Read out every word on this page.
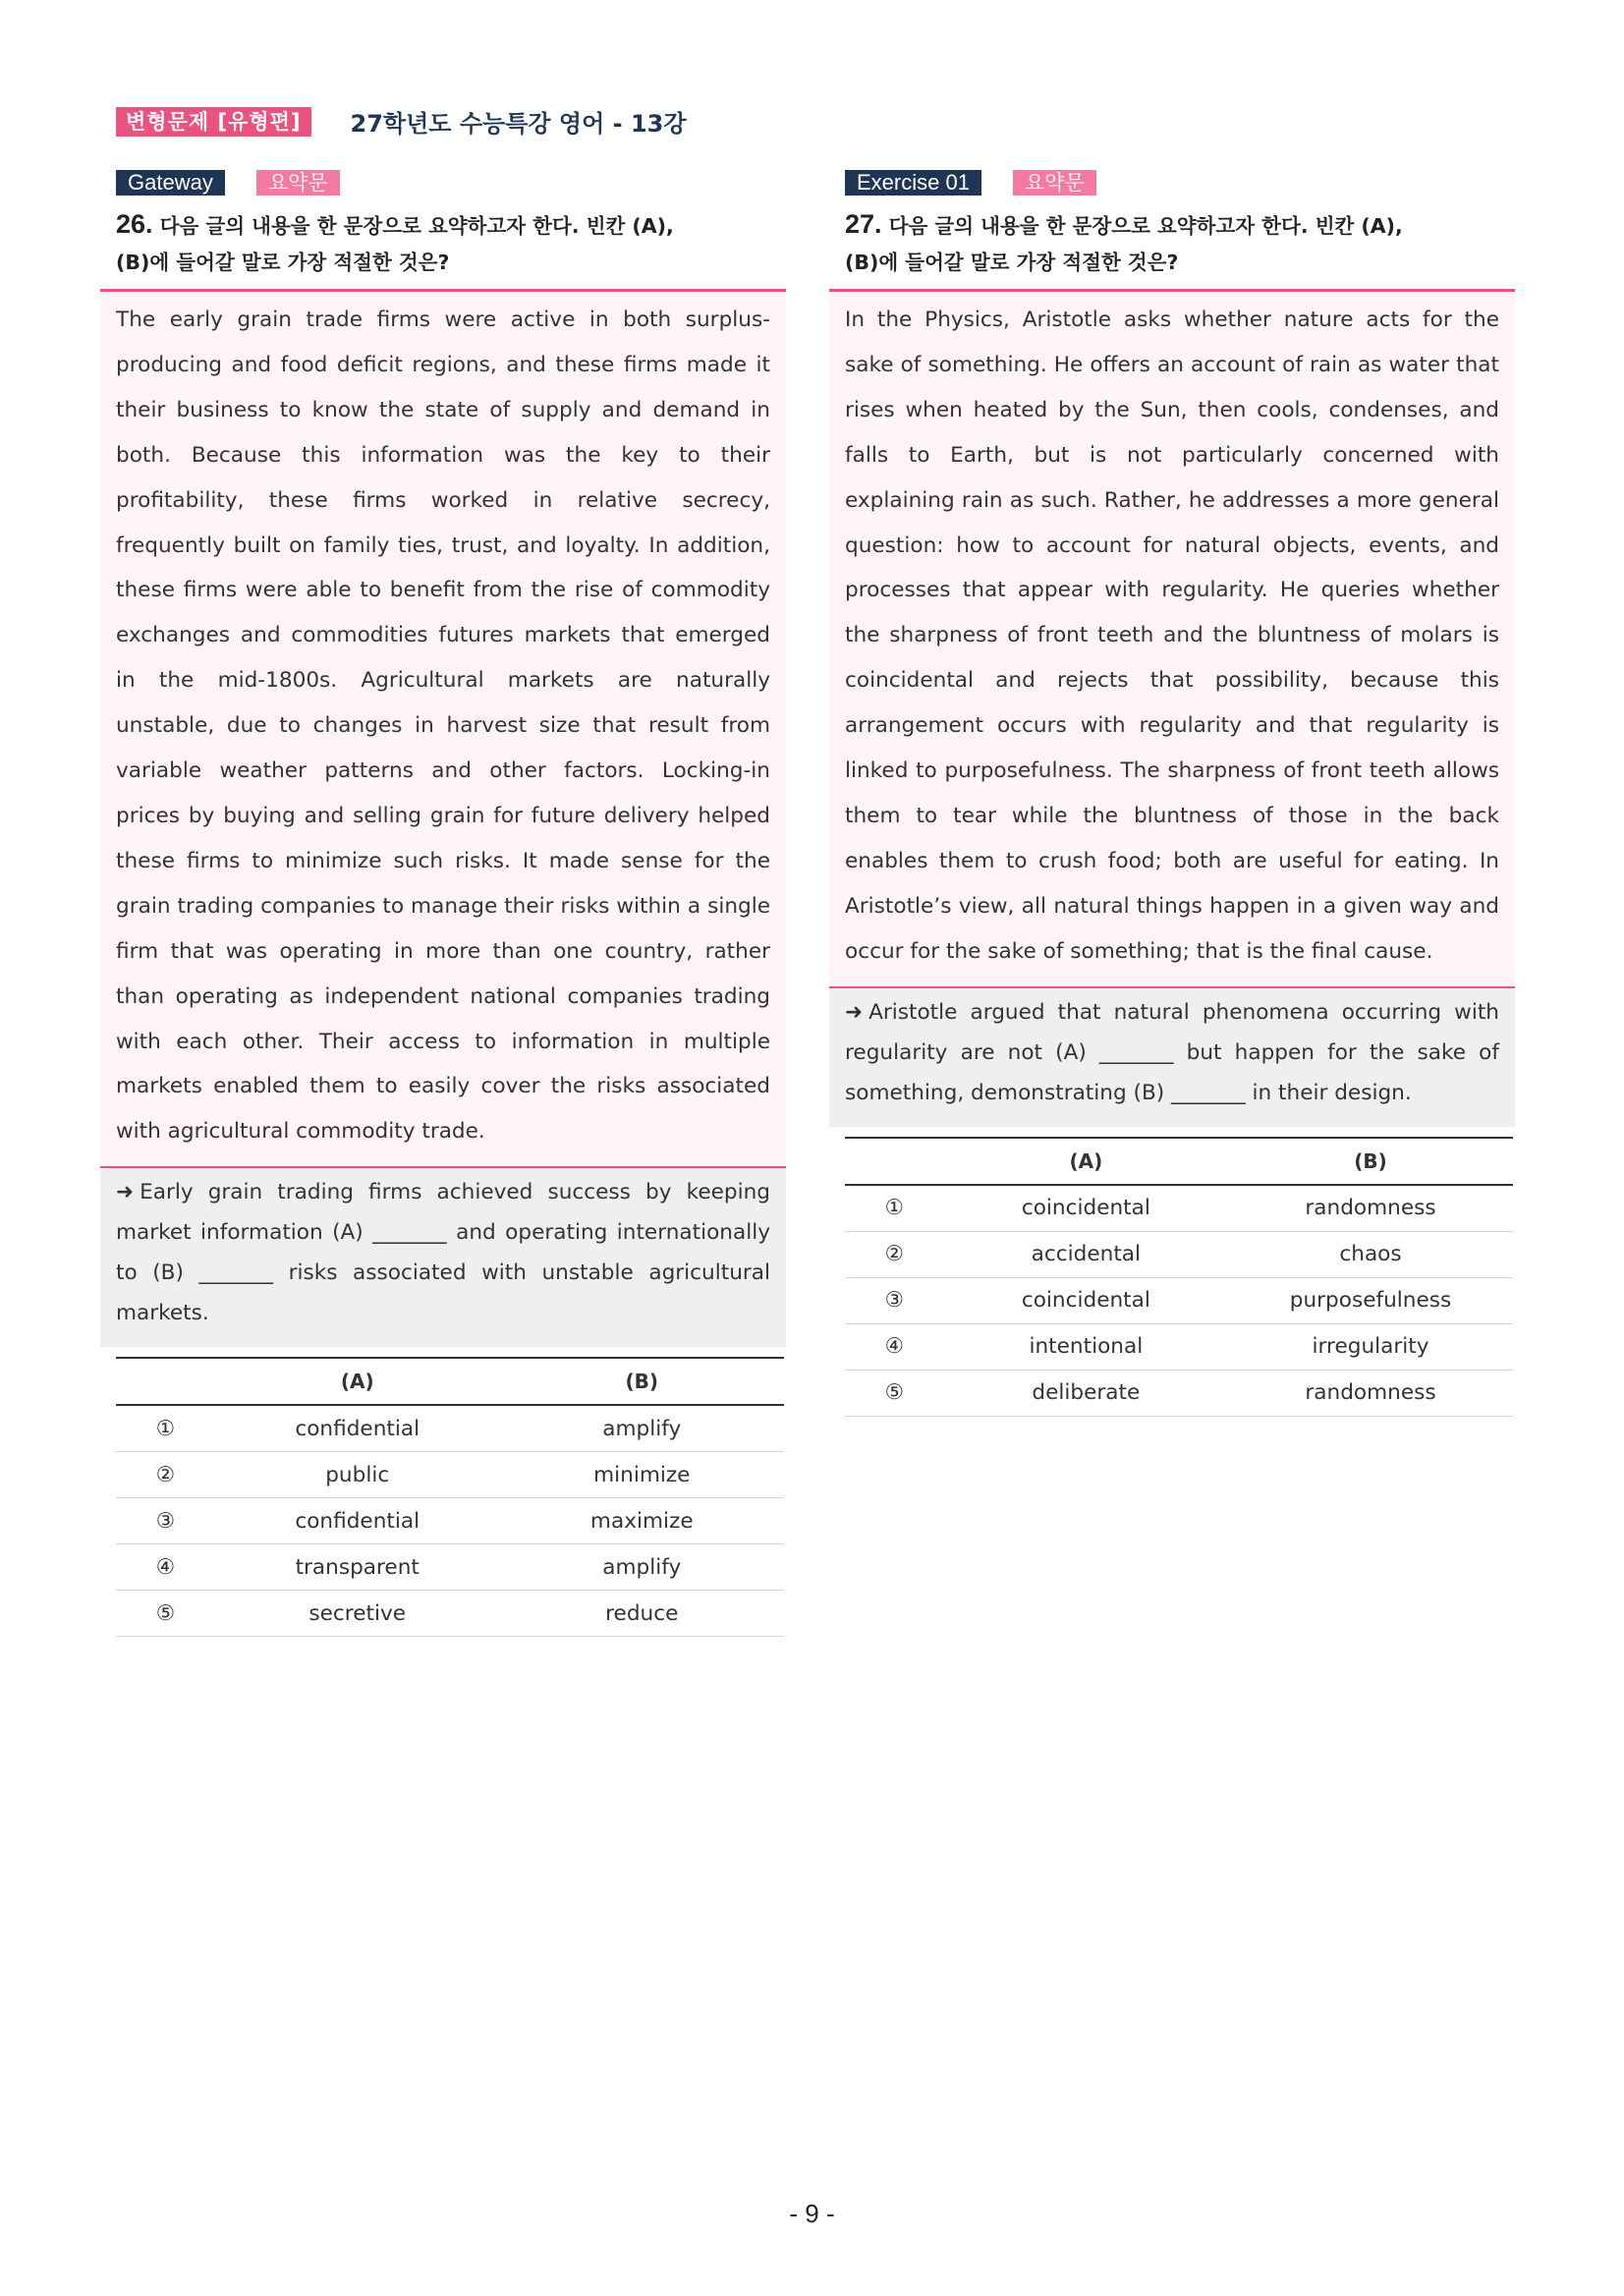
변형문제 [유형편]	27학년도 수능특강 영어 - 13강
Gateway	요약문
26. 다음 글의 내용을 한 문장으로 요약하고자 한다. 빈칸 (A),
(B)에 들어갈 말로 가장 적절한 것은?
The early grain trade firms were active in both surplus-producing and food deficit regions, and these firms made it their business to know the state of supply and demand in both. Because this information was the key to their profitability, these firms worked in relative secrecy, frequently built on family ties, trust, and loyalty. In addition, these firms were able to benefit from the rise of commodity exchanges and commodities futures markets that emerged in the mid-1800s. Agricultural markets are naturally unstable, due to changes in harvest size that result from variable weather patterns and other factors. Locking-in prices by buying and selling grain for future delivery helped these firms to minimize such risks. It made sense for the grain trading companies to manage their risks within a single firm that was operating in more than one country, rather than operating as independent national companies trading with each other. Their access to information in multiple markets enabled them to easily cover the risks associated with agricultural commodity trade.
➜ Early grain trading firms achieved success by keeping market information (A) _______ and operating internationally to (B) _______ risks associated with unstable agricultural markets.
	(A)	(B)
①	confidential	amplify
②	public	minimize
③	confidential	maximize
④	transparent	amplify
⑤	secretive	reduce
Exercise 01	요약문
27. 다음 글의 내용을 한 문장으로 요약하고자 한다. 빈칸 (A),
(B)에 들어갈 말로 가장 적절한 것은?
In the Physics, Aristotle asks whether nature acts for the sake of something. He offers an account of rain as water that rises when heated by the Sun, then cools, condenses, and falls to Earth, but is not particularly concerned with explaining rain as such. Rather, he addresses a more general question: how to account for natural objects, events, and processes that appear with regularity. He queries whether the sharpness of front teeth and the bluntness of molars is coincidental and rejects that possibility, because this arrangement occurs with regularity and that regularity is linked to purposefulness. The sharpness of front teeth allows them to tear while the bluntness of those in the back enables them to crush food; both are useful for eating. In Aristotle’s view, all natural things happen in a given way and occur for the sake of something; that is the final cause.
➜ Aristotle argued that natural phenomena occurring with regularity are not (A) _______ but happen for the sake of something, demonstrating (B) _______ in their design.
	(A)	(B)
①	coincidental	randomness
②	accidental	chaos
③	coincidental	purposefulness
④	intentional	irregularity
⑤	deliberate	randomness
- 9 -
